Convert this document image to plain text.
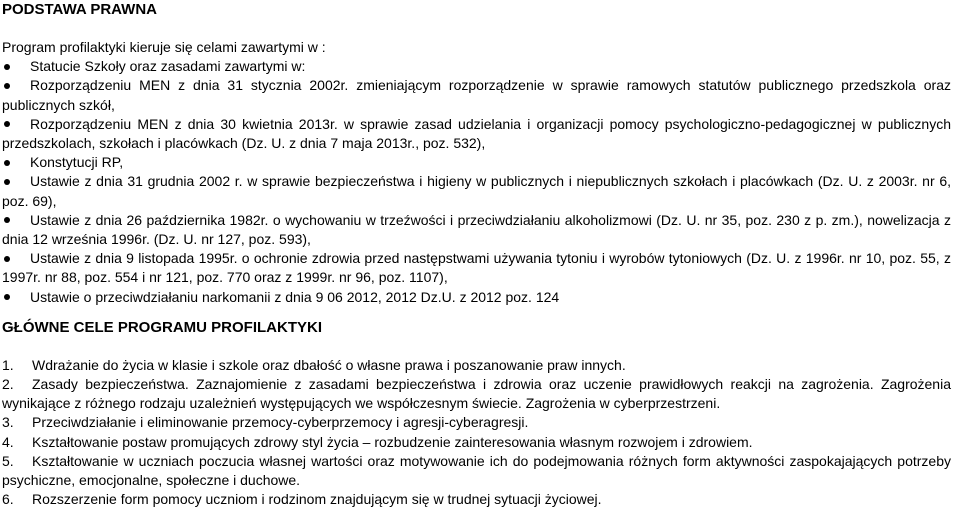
PODSTAWA PRAWNA

Program profilaktyki kieruje się celami zawartymi w :

Statucie Szkoły oraz zasadami zawartymi w:
Rozporządzeniu MEN z dnia 31 stycznia 2002r. zmieniającym rozporządzenie w sprawie ramowych statutów publicznego przedszkola oraz publicznych szkół,
Rozporządzeniu MEN z dnia 30 kwietnia 2013r. w sprawie zasad udzielania i organizacji pomocy psychologiczno-pedagogicznej w publicznych przedszkolach, szkołach i placówkach (Dz. U. z dnia 7 maja 2013r., poz. 532),
Konstytucji RP,
Ustawie z dnia 31 grudnia 2002 r. w sprawie bezpieczeństwa i higieny w publicznych i niepublicznych szkołach i placówkach (Dz. U. z 2003r. nr 6, poz. 69),
Ustawie z dnia 26 października 1982r. o wychowaniu w trzeźwości i przeciwdziałaniu alkoholizmowi (Dz. U. nr 35, poz. 230 z p. zm.), nowelizacja z dnia 12 września 1996r. (Dz. U. nr 127, poz. 593),
Ustawie z dnia 9 listopada 1995r. o ochronie zdrowia przed następstwami używania tytoniu i wyrobów tytoniowych (Dz. U. z 1996r. nr 10, poz. 55, z 1997r. nr 88, poz. 554 i nr 121, poz. 770 oraz z 1999r. nr 96, poz. 1107),
Ustawie o przeciwdziałaniu narkomanii z dnia 9 06 2012, 2012 Dz.U. z 2012 poz. 124
GŁÓWNE CELE PROGRAMU PROFILAKTYKI
1. Wdrażanie do życia w klasie i szkole oraz dbałość o własne prawa i poszanowanie praw innych.
2. Zasady bezpieczeństwa. Zaznajomienie z zasadami bezpieczeństwa i zdrowia oraz uczenie prawidłowych reakcji na zagrożenia. Zagrożenia wynikające z różnego rodzaju uzależnień występujących we współczesnym świecie. Zagrożenia w cyberprzestrzeni.
3. Przeciwdziałanie i eliminowanie przemocy-cyberprzemocy i agresji-cyberagresji.
4. Kształtowanie postaw promujących zdrowy styl życia – rozbudzenie zainteresowania własnym rozwojem i zdrowiem.
5. Kształtowanie w uczniach poczucia własnej wartości oraz motywowanie ich do podejmowania różnych form aktywności zaspokajających potrzeby psychiczne, emocjonalne, społeczne i duchowe.
6. Rozszerzenie form pomocy uczniom i rodzinom znajdującym się w trudnej sytuacji życiowej.
